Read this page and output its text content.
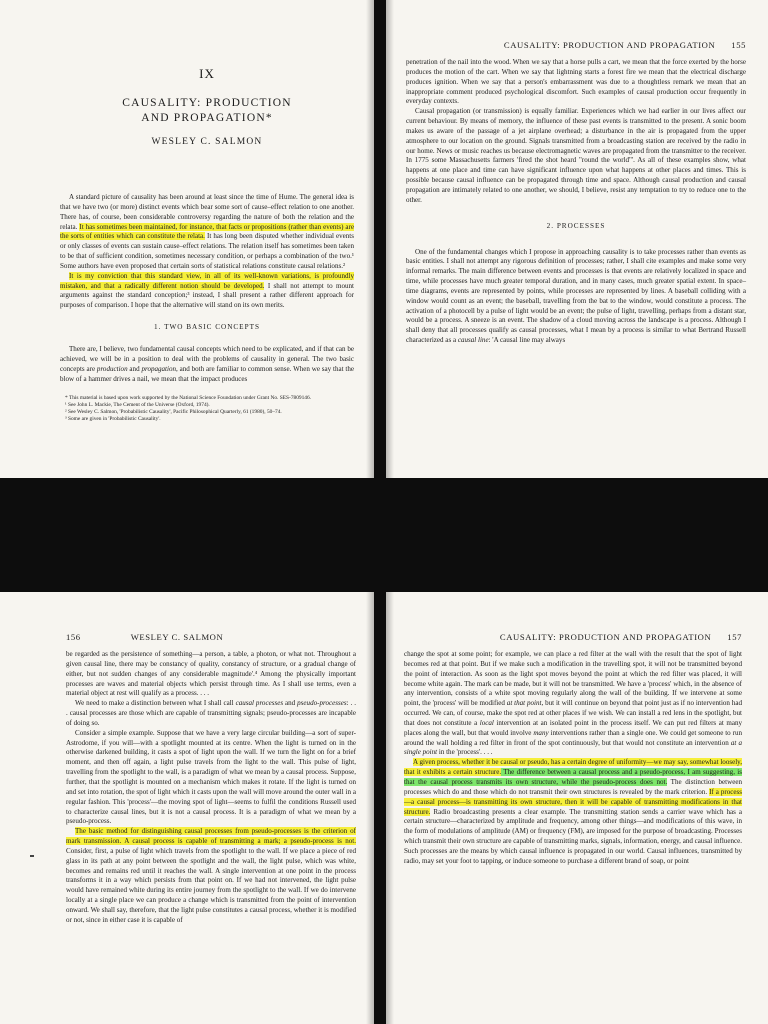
IX
CAUSALITY: PRODUCTION
AND PROPAGATION*
WESLEY C. SALMON

A standard picture of causality has been around at least since the time of Hume. The general idea is that we have two (or more) distinct events which bear some sort of cause–effect relation to one another. There has, of course, been considerable controversy regarding the nature of both the relation and the relata. It has sometimes been maintained, for instance, that facts or propositions (rather than events) are the sorts of entities which can constitute the relata. It has long been disputed whether individual events or only classes of events can sustain cause–effect relations. The relation itself has sometimes been taken to be that of sufficient condition, sometimes necessary condition, or perhaps a combination of the two.¹ Some authors have even proposed that certain sorts of statistical relations constitute causal relations.²

It is my conviction that this standard view, in all of its well-known variations, is profoundly mistaken, and that a radically different notion should be developed. I shall not attempt to mount arguments against the standard conception;³ instead, I shall present a rather different approach for purposes of comparison. I hope that the alternative will stand on its own merits.

1. TWO BASIC CONCEPTS

There are, I believe, two fundamental causal concepts which need to be explicated, and if that can be achieved, we will be in a position to deal with the problems of causality in general. The two basic concepts are production and propagation, and both are familiar to common sense. When we say that the blow of a hammer drives a nail, we mean that the impact produces

* This material is based upon work supported by the National Science Foundation under Grant No. SES-7809146.
¹ See John L. Mackie, The Cement of the Universe (Oxford, 1974).
² See Wesley C. Salmon, 'Probabilistic Causality', Pacific Philosophical Quarterly, 61 (1980), 50–74.
³ Some are given in 'Probabilistic Causality'.
CAUSALITY: PRODUCTION AND PROPAGATION 155

penetration of the nail into the wood. When we say that a horse pulls a cart, we mean that the force exerted by the horse produces the motion of the cart. When we say that lightning starts a forest fire we mean that the electrical discharge produces ignition. When we say that a person's embarrassment was due to a thoughtless remark we mean that an inappropriate comment produced psychological discomfort. Such examples of causal production occur frequently in everyday contexts.

Causal propagation (or transmission) is equally familiar. Experiences which we had earlier in our lives affect our current behaviour. By means of memory, the influence of these past events is transmitted to the present. A sonic boom makes us aware of the passage of a jet airplane overhead; a disturbance in the air is propagated from the upper atmosphere to our location on the ground. Signals transmitted from a broadcasting station are received by the radio in our home. News or music reaches us because electromagnetic waves are propagated from the transmitter to the receiver. In 1775 some Massachusetts farmers 'fired the shot heard "round the world"'. As all of these examples show, what happens at one place and time can have significant influence upon what happens at other places and times. This is possible because causal influence can be propagated through time and space. Although causal production and causal propagation are intimately related to one another, we should, I believe, resist any temptation to try to reduce one to the other.

2. PROCESSES

One of the fundamental changes which I propose in approaching causality is to take processes rather than events as basic entities. I shall not attempt any rigorous definition of processes; rather, I shall cite examples and make some very informal remarks. The main difference between events and processes is that events are relatively localized in space and time, while processes have much greater temporal duration, and in many cases, much greater spatial extent. In space–time diagrams, events are represented by points, while processes are represented by lines. A baseball colliding with a window would count as an event; the baseball, travelling from the bat to the window, would constitute a process. The activation of a photocell by a pulse of light would be an event; the pulse of light, travelling, perhaps from a distant star, would be a process. A sneeze is an event. The shadow of a cloud moving across the landscape is a process. Although I shall deny that all processes qualify as causal processes, what I mean by a process is similar to what Bertrand Russell characterized as a causal line: 'A causal line may always

156	WESLEY C. SALMON

be regarded as the persistence of something—a person, a table, a photon, or what not. Throughout a given causal line, there may be constancy of quality, constancy of structure, or a gradual change of either, but not sudden changes of any considerable magnitude'.⁴ Among the physically important processes are waves and material objects which persist through time. As I shall use terms, even a material object at rest will qualify as a process. . . .

We need to make a distinction between what I shall call causal processes and pseudo-processes: . . . causal processes are those which are capable of transmitting signals; pseudo-processes are incapable of doing so.

Consider a simple example. Suppose that we have a very large circular building—a sort of super-Astrodome, if you will—with a spotlight mounted at its centre. When the light is turned on in the otherwise darkened building, it casts a spot of light upon the wall. If we turn the light on for a brief moment, and then off again, a light pulse travels from the light to the wall. This pulse of light, travelling from the spotlight to the wall, is a paradigm of what we mean by a causal process. Suppose, further, that the spotlight is mounted on a mechanism which makes it rotate. If the light is turned on and set into rotation, the spot of light which it casts upon the wall will move around the outer wall in a regular fashion. This 'process'—the moving spot of light—seems to fulfil the conditions Russell used to characterize causal lines, but it is not a causal process. It is a paradigm of what we mean by a pseudo-process.

The basic method for distinguishing causal processes from pseudo-processes is the criterion of mark transmission. A causal process is capable of transmitting a mark; a pseudo-process is not. Consider, first, a pulse of light which travels from the spotlight to the wall. If we place a piece of red glass in its path at any point between the spotlight and the wall, the light pulse, which was white, becomes and remains red until it reaches the wall. A single intervention at one point in the process transforms it in a way which persists from that point on. If we had not intervened, the light pulse would have remained white during its entire journey from the spotlight to the wall. If we do intervene locally at a single place we can produce a change which is transmitted from the point of intervention onward. We shall say, therefore, that the light pulse constitutes a causal process, whether it is modified or not, since in either case it is capable of

CAUSALITY: PRODUCTION AND PROPAGATION 157

change the spot at some point; for example, we can place a red filter at the wall with the result that the spot of light becomes red at that point. But if we make such a modification in the travelling spot, it will not be transmitted beyond the point of interaction. As soon as the light spot moves beyond the point at which the red filter was placed, it will become white again. The mark can be made, but it will not be transmitted. We have a 'process' which, in the absence of any intervention, consists of a white spot moving regularly along the wall of the building. If we intervene at some point, the 'process' will be modified at that point, but it will continue on beyond that point just as if no intervention had occurred. We can, of course, make the spot red at other places if we wish. We can install a red lens in the spotlight, but that does not constitute a local intervention at an isolated point in the process itself. We can put red filters at many places along the wall, but that would involve many interventions rather than a single one. We could get someone to run around the wall holding a red filter in front of the spot continuously, but that would not constitute an intervention at a single point in the 'process'. . . .

A given process, whether it be causal or pseudo, has a certain degree of uniformity—we may say, somewhat loosely, that it exhibits a certain structure. The difference between a causal process and a pseudo-process, I am suggesting, is that the causal process transmits its own structure, while the pseudo-process does not. The distinction between processes which do and those which do not transmit their own structures is revealed by the mark criterion. If a process—a causal process—is transmitting its own structure, then it will be capable of transmitting modifications in that structure. Radio broadcasting presents a clear example. The transmitting station sends a carrier wave which has a certain structure—characterized by amplitude and frequency, among other things—and modifications of this wave, in the form of modulations of amplitude (AM) or frequency (FM), are imposed for the purpose of broadcasting. Processes which transmit their own structure are capable of transmitting marks, signals, information, energy, and causal influence. Such processes are the means by which causal influence is propagated in our world. Causal influences, transmitted by radio, may set your foot to tapping, or induce someone to purchase a different brand of soap, or point
